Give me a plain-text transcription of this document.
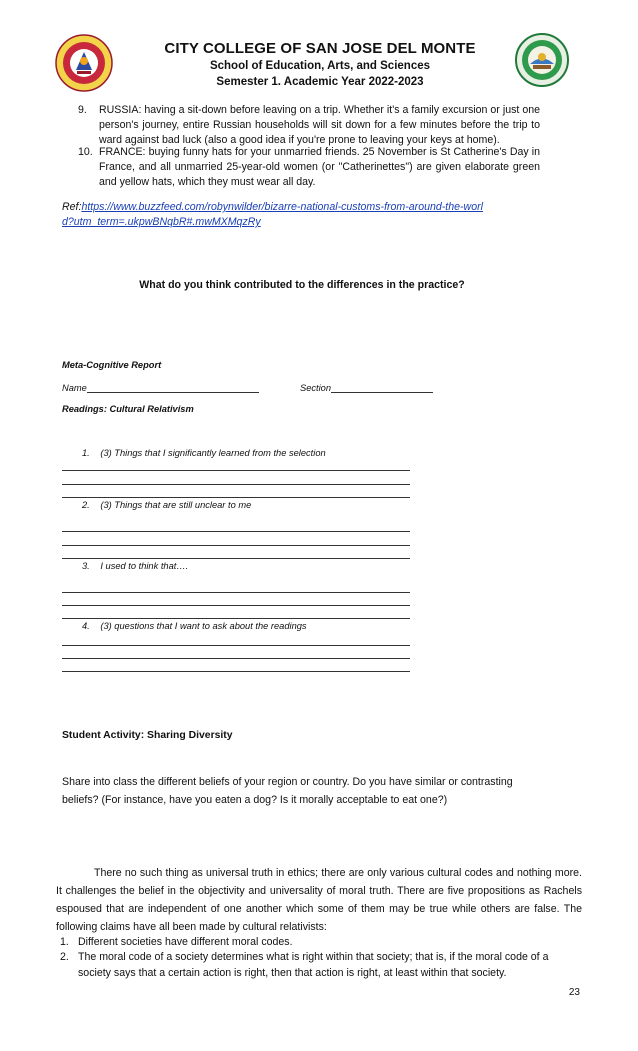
CITY COLLEGE OF SAN JOSE DEL MONTE
School of Education, Arts, and Sciences
Semester 1. Academic Year 2022-2023
9.	RUSSIA: having a sit-down before leaving on a trip. Whether it's a family excursion or just one person's journey, entire Russian households will sit down for a few minutes before the trip to ward against bad luck (also a good idea if you're prone to leaving your keys at home).
10. FRANCE: buying funny hats for your unmarried friends. 25 November is St Catherine's Day in France, and all unmarried 25-year-old women (or "Catherinettes") are given elaborate green and yellow hats, which they must wear all day.
Ref:https://www.buzzfeed.com/robynwilder/bizarre-national-customs-from-around-the-world?utm_term=.ukpwBNqbR#.mwMXMqzRy
What do you think contributed to the differences in the practice?
Meta-Cognitive Report
Name	Section
Readings: Cultural Relativism
1. (3) Things that I significantly learned from the selection
2. (3) Things that are still unclear to me
3. I used to think that….
4. (3) questions that I want to ask about the readings
Student Activity: Sharing Diversity
Share into class the different beliefs of your region or country. Do you have similar or contrasting
beliefs? (For instance, have you eaten a dog? Is it morally acceptable to eat one?)
There no such thing as universal truth in ethics; there are only various cultural codes and nothing more. It challenges the belief in the objectivity and universality of moral truth. There are five propositions as Rachels espoused that are independent of one another which some of them may be true while others are false. The following claims have all been made by cultural relativists:
1. Different societies have different moral codes.
2. The moral code of a society determines what is right within that society; that is, if the moral code of a society says that a certain action is right, then that action is right, at least within that society.
23
